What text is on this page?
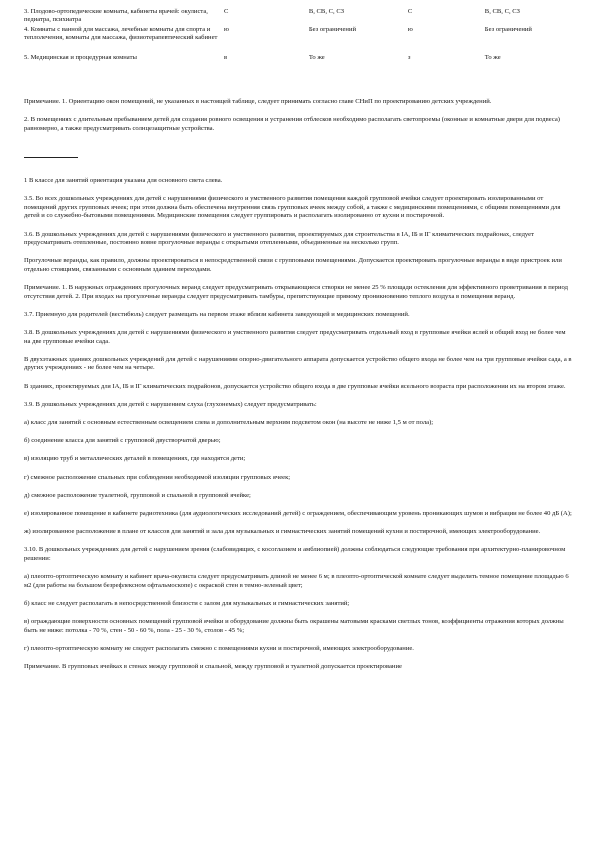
3. Плодово-ортопедические комнаты, кабинеты врачей: окулиста, педиатра, психиатра	С	В, СВ, С, СЗ	С	В, СВ, С, СЗ
4. Комнаты с ванной для массажа, лечебные комнаты для спорта и теплолечения, комнаты для массажа, физиотерапевтический кабинет	ю	Без ограничений	ю	Без ограничений
5. Медицинская и процедурная комнаты	в	То же	з	То же

Примечание. 1. Ориентацию окон помещений, не указанных в настоящей таблице, следует принимать согласно главе СНиП по проектированию детских учреждений.

2. В помещениях с длительным пребыванием детей для создания ровного освещения и устранения отблесков необходимо располагать светопроемы (оконные и комнатные двери для подвеса) равномерно, а также предусматривать солнцезащитные устройства.

1 В классе для занятий ориентация указана для основного света слева.

3.5. Во всех дошкольных учреждениях для детей с нарушениями физического и умственного развития помещения каждой групповой ячейки следует проектировать изолированными от помещений других групповых ячеек; при этом должна быть обеспечена внутренняя связь групповых ячеек между собой, а также с медицинскими помещениями, с общими помещениями для детей и со служебно-бытовыми помещениями. Медицинские помещения следует группировать и располагать изолированно от кухни и постирочной.

3.6. В дошкольных учреждениях для детей с нарушениями физического и умственного развития, проектируемых для строительства в IA, IБ и IГ климатических подрайонах, следует предусматривать отепленные, постоянно вовне прогулочные веранды с открытыми отепленными, объединенные на несколько групп.

Прогулочные веранды, как правило, должны проектироваться в непосредственной связи с групповыми помещениями. Допускается проектировать прогулочные веранды в виде пристроек или отдельно стоящими, связанными с основным зданием переходами.

Примечание. 1. В наружных ограждениях прогулочных веранд следует предусматривать открывающиеся створки не менее 25 % площади остекления для эффективного проветривания в период отсутствия детей. 2. При входах на прогулочные веранды следует предусматривать тамбуры, препятствующие прямому проникновению теплого воздуха в помещения веранд.

3.7. Приемную для родителей (вестибюль) следует размещать на первом этаже вблизи кабинета заведующей и медицинских помещений.

3.8. В дошкольных учреждениях для детей с нарушениями физического и умственного развития следует предусматривать отдельный вход в групповые ячейки яслей и общий вход не более чем на две групповые ячейки сада.

В двухэтажных зданиях дошкольных учреждений для детей с нарушениями опорно-двигательного аппарата допускается устройство общего входа не более чем на три групповые ячейки сада, а в других учреждениях - не более чем на четыре.

В зданиях, проектируемых для IA, IБ и IГ климатических подрайонов, допускается устройство общего входа в две групповые ячейки ясельного возраста при расположении их на втором этаже.

3.9. В дошкольных учреждениях для детей с нарушением слуха (глухонемых) следует предусматривать:

а) класс для занятий с основным естественным освещением слева и дополнительным верхним подсветом окон (на высоте не ниже 1,5 м от пола);

б) соединение класса для занятий с групповой двустворчатой дверью;

в) изоляцию труб и металлических деталей в помещениях, где находятся дети;

г) смежное расположение спальных при соблюдении необходимой изоляции групповых ячеек;

д) смежное расположение туалетной, групповой и спальной в групповой ячейке;

е) изолированное помещение в кабинете радиотехника (для аудиологических исследований детей) с ограждением, обеспечивающим уровень проникающих шумов и вибрации не более 40 дБ (А);

ж) изолированное расположение в плане от классов для занятий и зала для музыкальных и гимнастических занятий помещений кухни и постирочной, имеющих электрооборудование.

3.10. В дошкольных учреждениях для детей с нарушением зрения (слабовидящих, с косоглазием и амблиопией) должны соблюдаться следующие требования при архитектурно-планировочном решении:

а) плеопто-ортоптическую комнату и кабинет врача-окулиста следует предусматривать длиной не менее 6 м; в плеопто-ортоптической комнате следует выделить темное помещение площадью 6 м2 (для работы на большом безрефлексном офтальмоскопе) с окраской стен в темно-зеленый цвет;

б) класс не следует располагать в непосредственной близости с залом для музыкальных и гимнастических занятий;

в) ограждающие поверхности основных помещений групповой ячейки и оборудование должны быть окрашены матовыми красками светлых тонов, коэффициенты отражения которых должны быть не ниже: потолка - 70 %, стен - 50 - 60 %, пола - 25 - 30 %, столов - 45 %;

г) плеопто-ортоптическую комнату не следует располагать смежно с помещениями кухни и постирочной, имеющих электрооборудование.

Примечание. В групповых ячейках в стенах между групповой и спальной, между групповой и туалетной допускается проектирование
